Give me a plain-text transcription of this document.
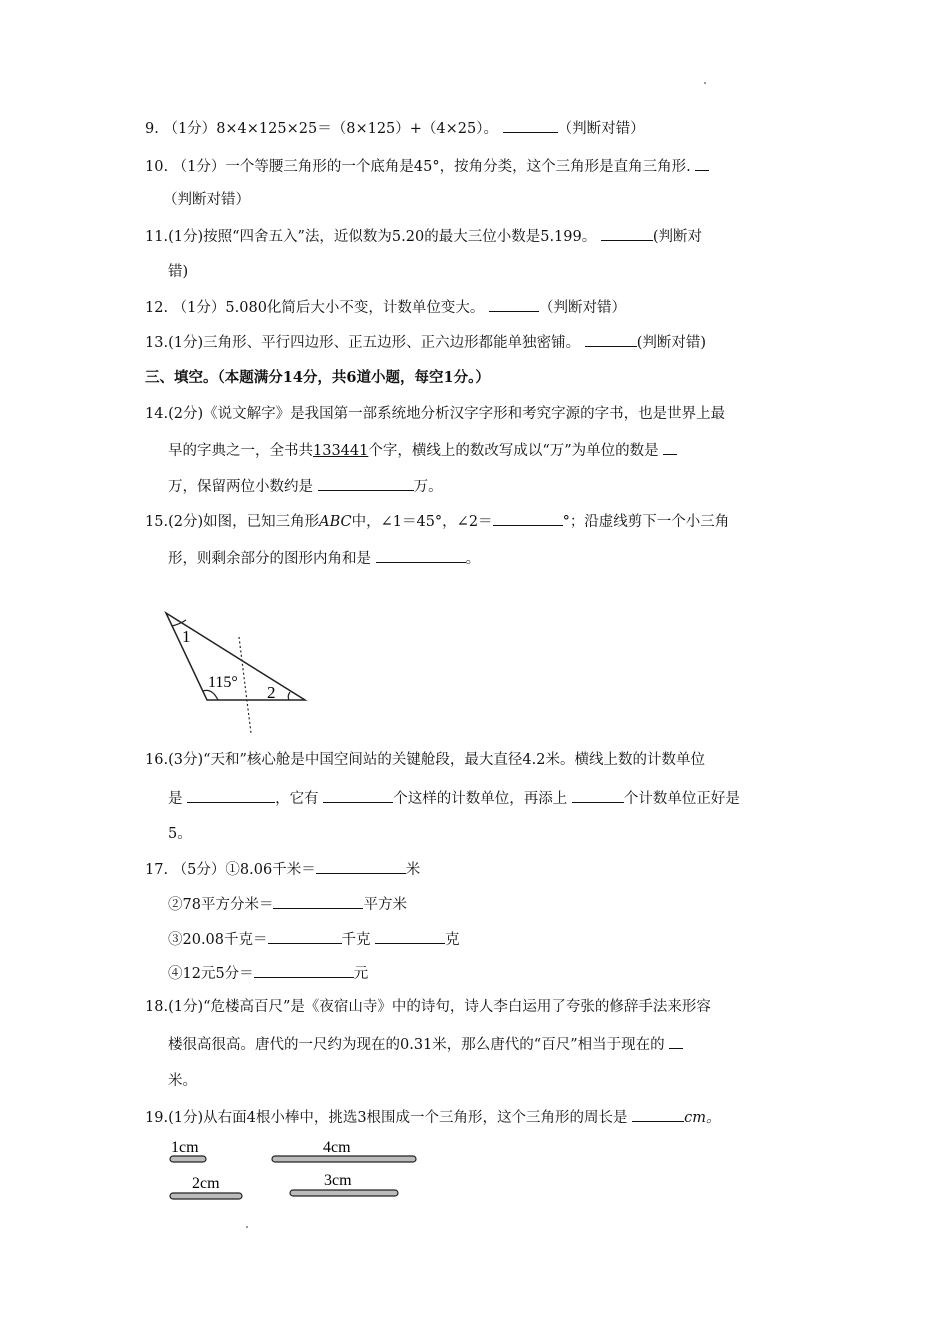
9. （1分）8×4×125×25＝（8×125）+（4×25）。	（判断对错）
10. （1分）一个等腰三角形的一个底角是45°，按角分类，这个三角形是直角三角形.
（判断对错）
11.(1分)按照“四舍五入”法，近似数为5.20的最大三位小数是5.199。	(判断对
错)
12. （1分）5.080化简后大小不变，计数单位变大。	（判断对错）
13.(1分)三角形、平行四边形、正五边形、正六边形都能单独密铺。	(判断对错)
三、填空。（本题满分14分，共6道小题，每空1分。）
14.(2分)《说文解字》是我国第一部系统地分析汉字字形和考究字源的字书，也是世界上最
早的字典之一，全书共133441个字，横线上的数改写成以“万”为单位的数是
万，保留两位小数约是	万。
15.(2分)如图，已知三角形ABC中，∠1＝45°，∠2＝	°；沿虚线剪下一个小三角
形，则剩余部分的图形内角和是	。
1
115°
2
16.(3分)“天和”核心舱是中国空间站的关键舱段，最大直径4.2米。横线上数的计数单位
是	，它有	个这样的计数单位，再添上	个计数单位正好是
5。
17. （5分）①8.06千米＝	米
②78平方分米＝	平方米
③20.08千克＝	千克	克
④12元5分＝	元
18.(1分)“危楼高百尺”是《夜宿山寺》中的诗句，诗人李白运用了夸张的修辞手法来形容
楼很高很高。唐代的一尺约为现在的0.31米，那么唐代的“百尺”相当于现在的
米。
19.(1分)从右面4根小棒中，挑选3根围成一个三角形，这个三角形的周长是	cm。
1cm	4cm
2cm	3cm
